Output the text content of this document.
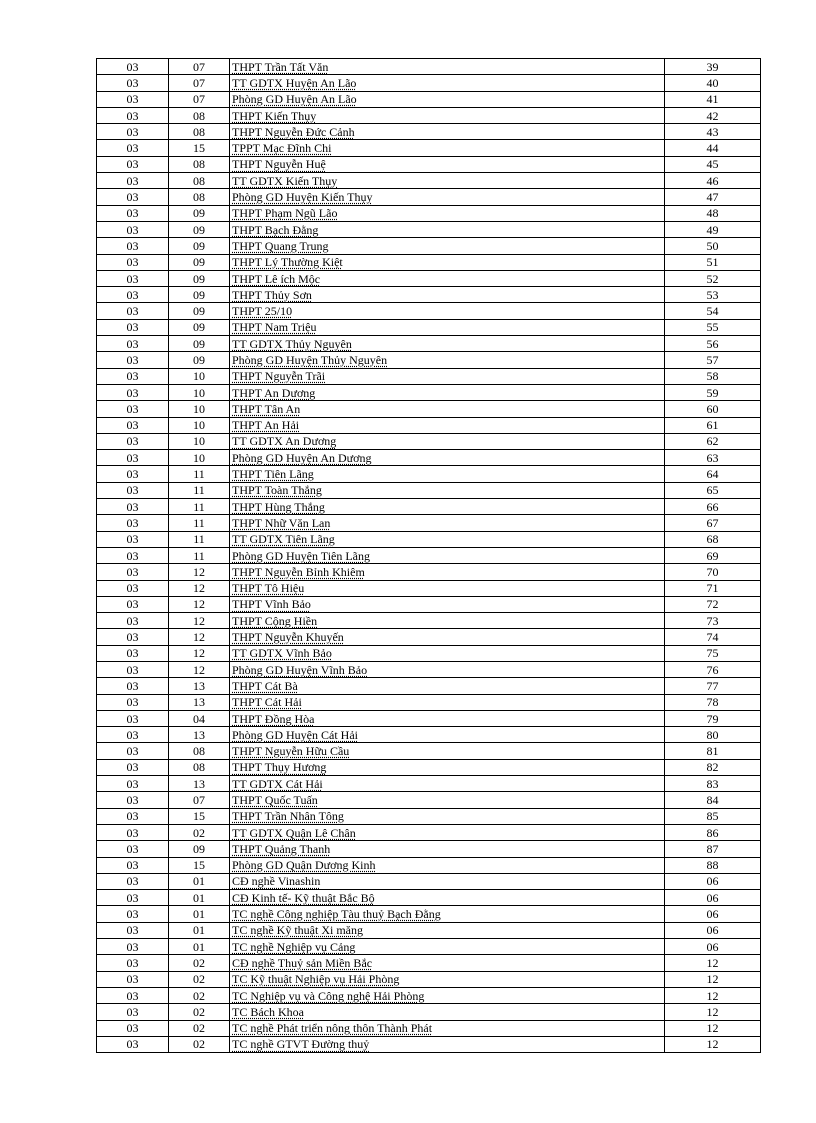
03	07	THPT Trần Tất Văn	39
03	07	TT GDTX Huyện An Lão	40
03	07	Phòng GD Huyện An Lão	41
03	08	THPT Kiến Thụy	42
03	08	THPT Nguyễn Đức Cảnh	43
03	15	TPPT Mạc Đĩnh Chi	44
03	08	THPT Nguyễn Huệ	45
03	08	TT GDTX Kiến Thụy	46
03	08	Phòng GD Huyện Kiến Thụy	47
03	09	THPT Phạm Ngũ Lão	48
03	09	THPT Bạch Đằng	49
03	09	THPT Quang Trung	50
03	09	THPT Lý Thường Kiệt	51
03	09	THPT Lê ích Mộc	52
03	09	THPT Thủy Sơn	53
03	09	THPT 25/10	54
03	09	THPT Nam Triệu	55
03	09	TT GDTX Thủy Nguyên	56
03	09	Phòng GD Huyện Thủy Nguyên	57
03	10	THPT Nguyễn Trãi	58
03	10	THPT An Dương	59
03	10	THPT Tân An	60
03	10	THPT An Hải	61
03	10	TT GDTX An Dương	62
03	10	Phòng GD Huyện An Dương	63
03	11	THPT Tiên Lãng	64
03	11	THPT Toàn Thắng	65
03	11	THPT Hùng Thắng	66
03	11	THPT Nhữ Văn Lan	67
03	11	TT GDTX Tiên Lãng	68
03	11	Phòng GD Huyện Tiên Lãng	69
03	12	THPT Nguyễn Bỉnh Khiêm	70
03	12	THPT Tô Hiệu	71
03	12	THPT Vĩnh Bảo	72
03	12	THPT Cộng Hiền	73
03	12	THPT Nguyễn Khuyến	74
03	12	TT GDTX Vĩnh Bảo	75
03	12	Phòng GD Huyện Vĩnh Bảo	76
03	13	THPT Cát Bà	77
03	13	THPT Cát Hải	78
03	04	THPT Đồng Hòa	79
03	13	Phòng GD Huyện Cát Hải	80
03	08	THPT Nguyễn Hữu Cầu	81
03	08	THPT Thụy Hương	82
03	13	TT GDTX Cát Hải	83
03	07	THPT Quốc Tuấn	84
03	15	THPT Trần Nhân Tông	85
03	02	TT GDTX Quận Lê Chân	86
03	09	THPT Quảng Thanh	87
03	15	Phòng GD Quận Dương Kinh	88
03	01	CĐ nghề Vinashin	06
03	01	CĐ Kinh tế- Kỹ thuật Bắc Bộ	06
03	01	TC nghề Công nghiệp Tàu thuỷ Bạch Đằng	06
03	01	TC nghề Kỹ thuật Xi măng	06
03	01	TC nghề Nghiệp vụ Cảng	06
03	02	CĐ nghề Thuỷ sản Miền Bắc	12
03	02	TC Kỹ thuật Nghiệp vụ Hải Phòng	12
03	02	TC Nghiệp vụ và Công nghệ Hải Phòng	12
03	02	TC Bách Khoa	12
03	02	TC nghề Phát triển nông thôn Thành Phát	12
03	02	TC nghề GTVT Đường thuỷ	12
